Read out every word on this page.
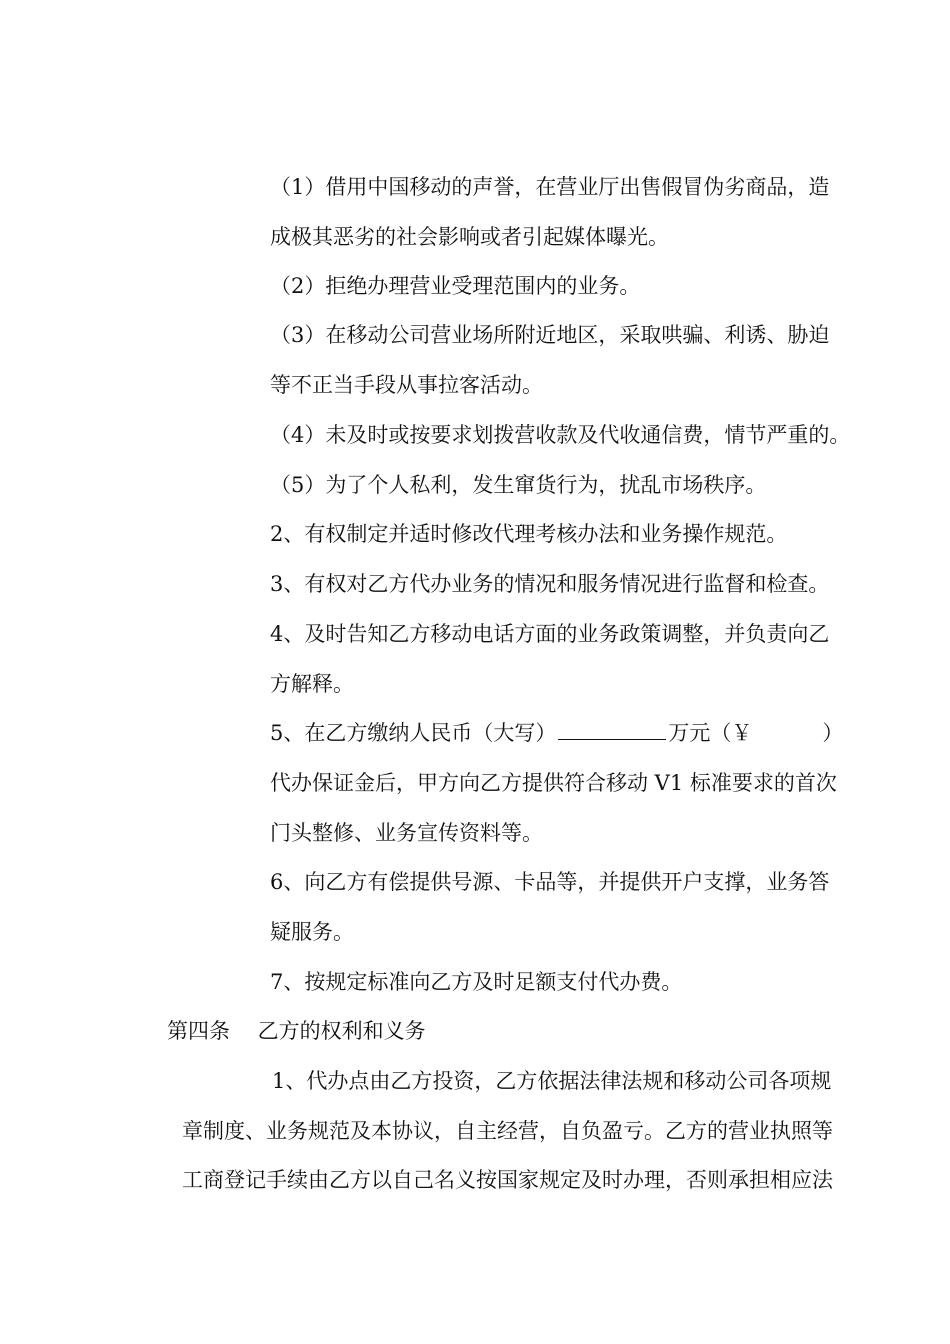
（1）借用中国移动的声誉，在营业厅出售假冒伪劣商品，造
成极其恶劣的社会影响或者引起媒体曝光。
（2）拒绝办理营业受理范围内的业务。
（3）在移动公司营业场所附近地区，采取哄骗、利诱、胁迫
等不正当手段从事拉客活动。
（4）未及时或按要求划拨营收款及代收通信费，情节严重的。
（5）为了个人私利，发生窜货行为，扰乱市场秩序。
2、有权制定并适时修改代理考核办法和业务操作规范。
3、有权对乙方代办业务的情况和服务情况进行监督和检查。
4、及时告知乙方移动电话方面的业务政策调整，并负责向乙
方解释。
5、在乙方缴纳人民币（大写）	万元（￥	）
代办保证金后，甲方向乙方提供符合移动 V1 标准要求的首次
门头整修、业务宣传资料等。
6、向乙方有偿提供号源、卡品等，并提供开户支撑，业务答
疑服务。
7、按规定标准向乙方及时足额支付代办费。
第四条　 乙方的权利和义务
1、代办点由乙方投资，乙方依据法律法规和移动公司各项规
章制度、业务规范及本协议，自主经营，自负盈亏。乙方的营业执照等
工商登记手续由乙方以自己名义按国家规定及时办理，否则承担相应法
